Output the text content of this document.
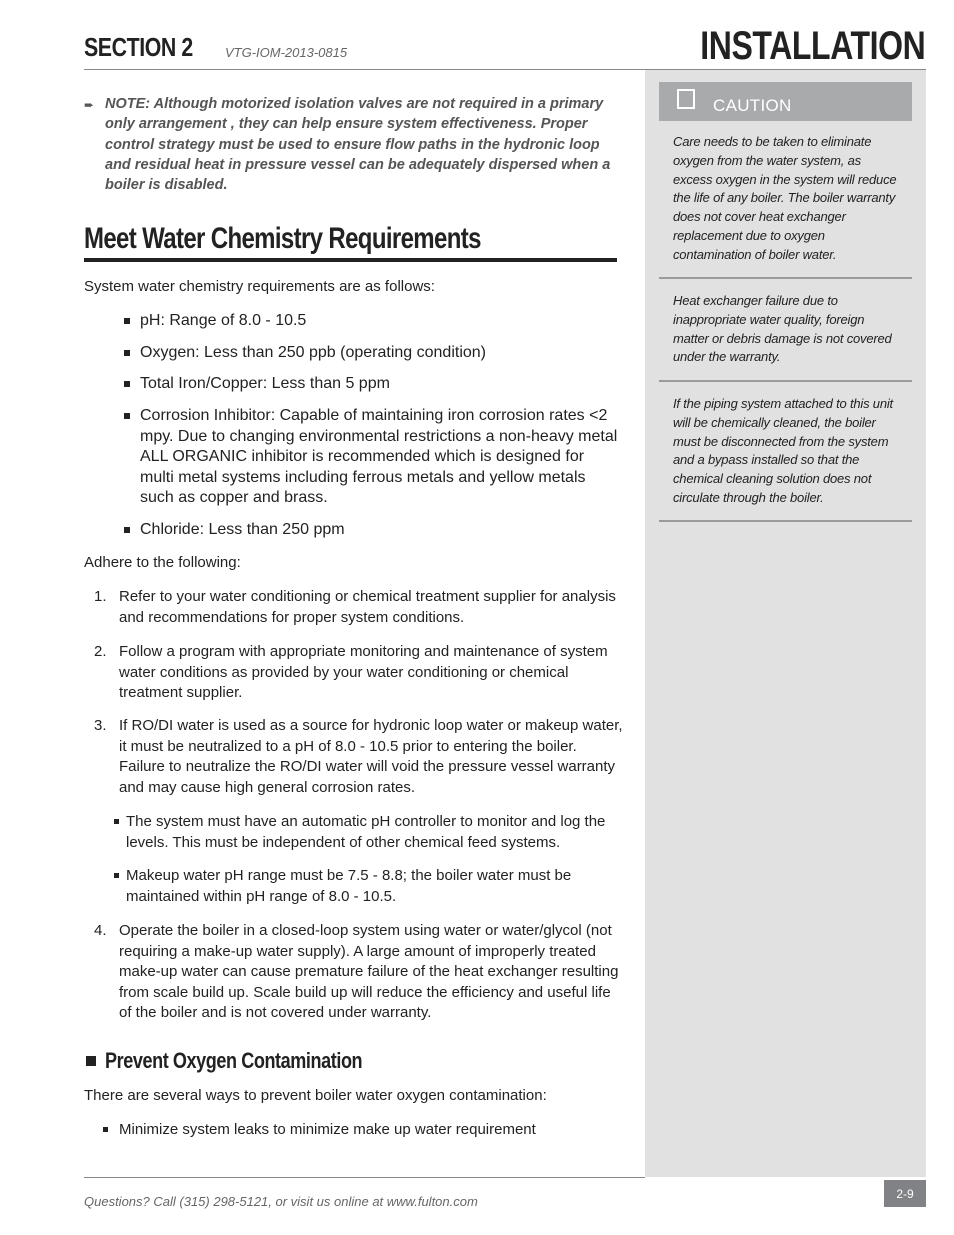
SECTION 2 VTG-IOM-2013-0815	INSTALLATION
CAUTION
Care needs to be taken to eliminate oxygen from the water system, as excess oxygen in the system will reduce the life of any boiler. The boiler warranty does not cover heat exchanger replacement due to oxygen contamination of boiler water.
Heat exchanger failure due to inappropriate water quality, foreign matter or debris damage is not covered under the warranty.
If the piping system attached to this unit will be chemically cleaned, the boiler must be disconnected from the system and a bypass installed so that the chemical cleaning solution does not circulate through the boiler.
➨ NOTE: Although motorized isolation valves are not required in a primary only arrangement , they can help ensure system effectiveness. Proper control strategy must be used to ensure flow paths in the hydronic loop and residual heat in pressure vessel can be adequately dispersed when a boiler is disabled.
Meet Water Chemistry Requirements
System water chemistry requirements are as follows:
pH: Range of 8.0 - 10.5
Oxygen: Less than 250 ppb (operating condition)
Total Iron/Copper: Less than 5 ppm
Corrosion Inhibitor: Capable of maintaining iron corrosion rates <2 mpy. Due to changing environmental restrictions a non-heavy metal ALL ORGANIC inhibitor is recommended which is designed for multi metal systems including ferrous metals and yellow metals such as copper and brass.
Chloride: Less than 250 ppm
Adhere to the following:
1. Refer to your water conditioning or chemical treatment supplier for analysis and recommendations for proper system conditions.
2. Follow a program with appropriate monitoring and maintenance of system water conditions as provided by your water conditioning or chemical treatment supplier.
3. If RO/DI water is used as a source for hydronic loop water or makeup water, it must be neutralized to a pH of 8.0 - 10.5 prior to entering the boiler. Failure to neutralize the RO/DI water will void the pressure vessel warranty and may cause high general corrosion rates.
The system must have an automatic pH controller to monitor and log the levels. This must be independent of other chemical feed systems.
Makeup water pH range must be 7.5 - 8.8; the boiler water must be maintained within pH range of 8.0 - 10.5.
4. Operate the boiler in a closed-loop system using water or water/glycol (not requiring a make-up water supply). A large amount of improperly treated make-up water can cause premature failure of the heat exchanger resulting from scale build up. Scale build up will reduce the efficiency and useful life of the boiler and is not covered under warranty.
Prevent Oxygen Contamination
There are several ways to prevent boiler water oxygen contamination:
Minimize system leaks to minimize make up water requirement
Questions? Call (315) 298-5121, or visit us online at www.fulton.com
2-9
